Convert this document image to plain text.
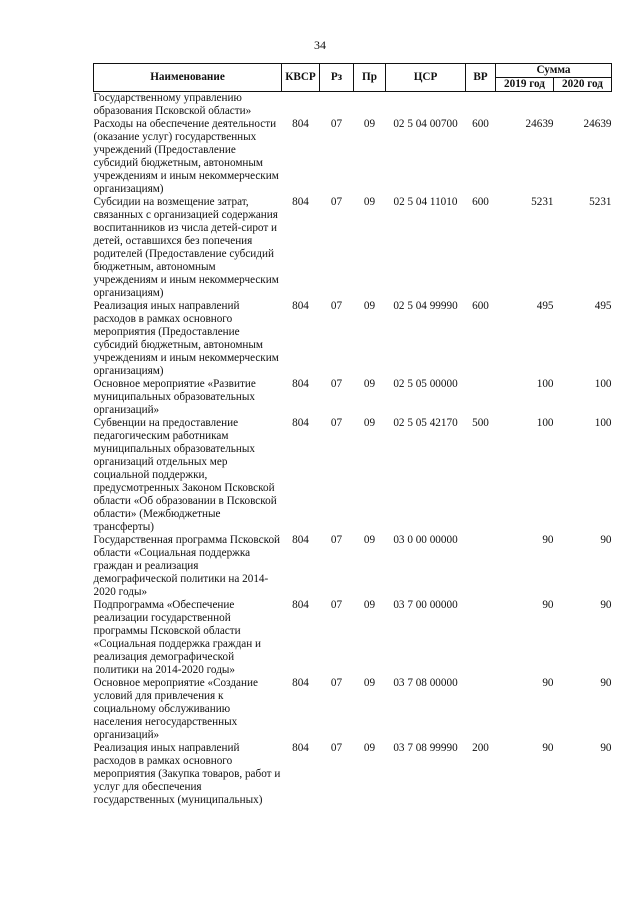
34
Наименование	КВСР	Рз	Пр	ЦСР	ВР	Сумма	
						2019 год	2020 год
Государственному управлению образования Псковской области»							
Расходы на обеспечение деятельности (оказание услуг) государственных учреждений (Предоставление субсидий бюджетным, автономным учреждениям и иным некоммерческим организациям)	804	07	09	02 5 04 00700	600	24639	24639
Субсидии на возмещение затрат, связанных с организацией содержания воспитанников из числа детей-сирот и детей, оставшихся без попечения родителей (Предоставление субсидий бюджетным, автономным учреждениям и иным некоммерческим организациям)	804	07	09	02 5 04 11010	600	5231	5231
Реализация иных направлений расходов в рамках основного мероприятия (Предоставление субсидий бюджетным, автономным учреждениям и иным некоммерческим организациям)	804	07	09	02 5 04 99990	600	495	495
Основное мероприятие «Развитие муниципальных образовательных организаций»	804	07	09	02 5 05 00000		100	100
Субвенции на предоставление педагогическим работникам муниципальных образовательных организаций отдельных мер социальной поддержки, предусмотренных Законом Псковской области «Об образовании в Псковской области» (Межбюджетные трансферты)	804	07	09	02 5 05 42170	500	100	100
Государственная программа Псковской области «Социальная поддержка граждан и реализация демографической политики на 2014-2020 годы»	804	07	09	03 0 00 00000		90	90
Подпрограмма «Обеспечение реализации государственной программы Псковской области «Социальная поддержка граждан и реализация демографической политики на 2014-2020 годы»	804	07	09	03 7 00 00000		90	90
Основное мероприятие «Создание условий для привлечения к социальному обслуживанию населения негосударственных организаций»	804	07	09	03 7 08 00000		90	90
Реализация иных направлений расходов в рамках основного мероприятия (Закупка товаров, работ и услуг для обеспечения государственных (муниципальных)	804	07	09	03 7 08 99990	200	90	90
